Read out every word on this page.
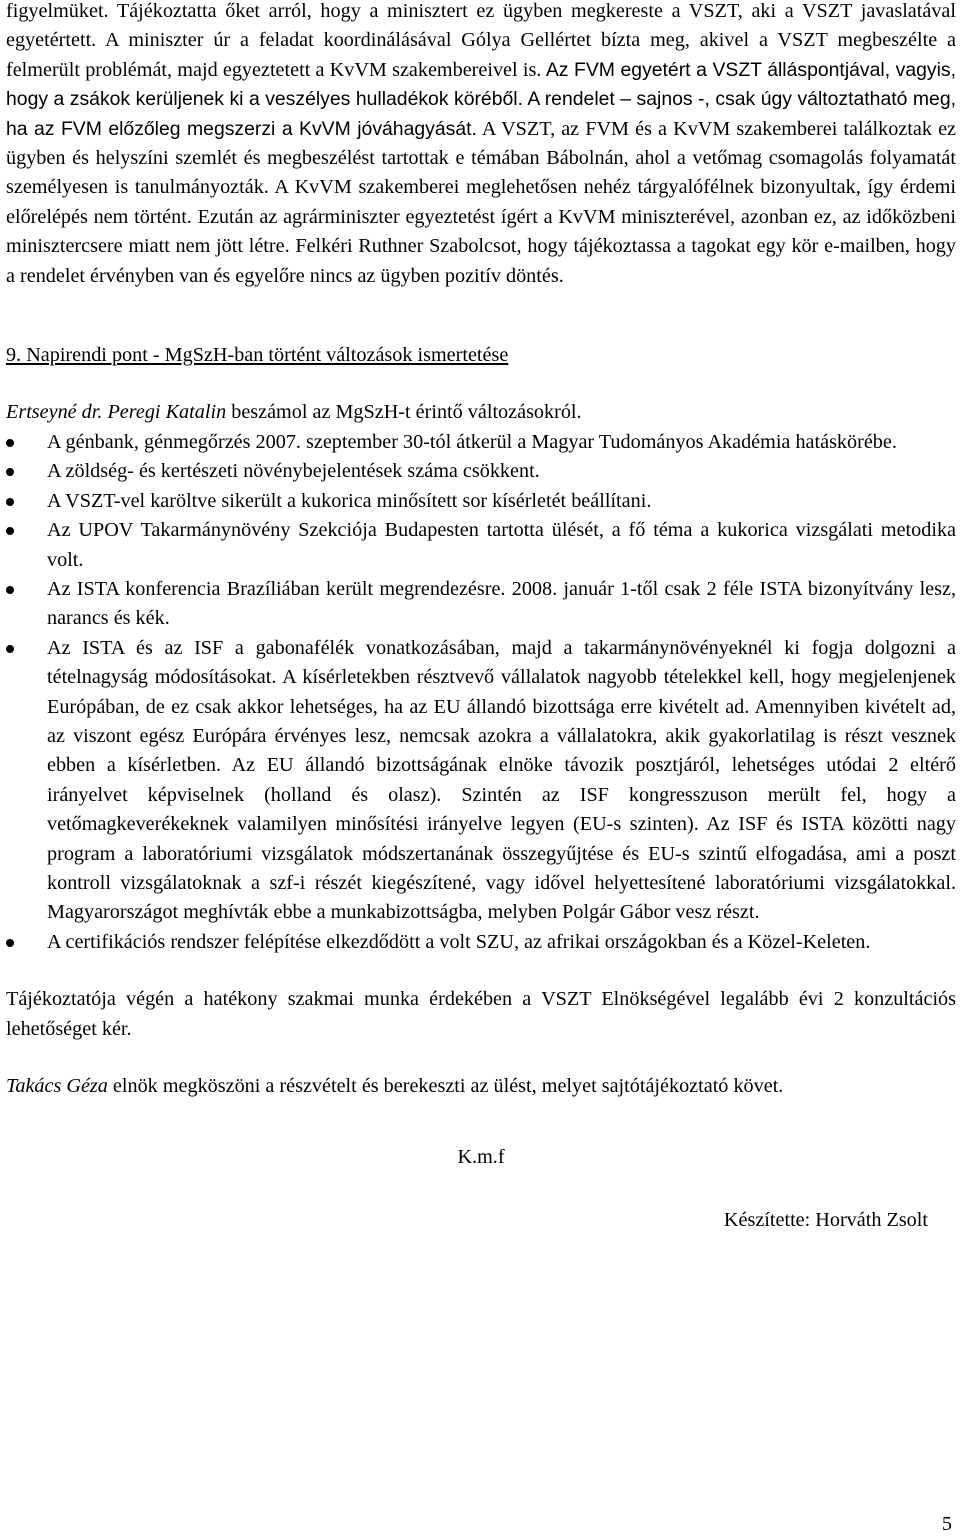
figyelmüket. Tájékoztatta őket arról, hogy a minisztert ez ügyben megkereste a VSZT, aki a VSZT javaslatával egyetértett. A miniszter úr a feladat koordinálásával Gólya Gellértet bízta meg, akivel a VSZT megbeszélte a felmerült problémát, majd egyeztetett a KvVM szakembereivel is. Az FVM egyetért a VSZT álláspontjával, vagyis, hogy a zsákok kerüljenek ki a veszélyes hulladékok köréből. A rendelet – sajnos -, csak úgy változtatható meg, ha az FVM előzőleg megszerzi a KvVM jóváhagyását. A VSZT, az FVM és a KvVM szakemberei találkoztak ez ügyben és helyszíni szemlét és megbeszélést tartottak e témában Bábolnán, ahol a vetőmag csomagolás folyamatát személyesen is tanulmányozták. A KvVM szakemberei meglehetősen nehéz tárgyalófélnek bizonyultak, így érdemi előrelépés nem történt. Ezután az agrárminiszter egyeztetést ígért a KvVM miniszterével, azonban ez, az időközbeni minisztercsere miatt nem jött létre. Felkéri Ruthner Szabolcsot, hogy tájékoztassa a tagokat egy kör e-mailben, hogy a rendelet érvényben van és egyelőre nincs az ügyben pozitív döntés.

9. Napirendi pont - MgSzH-ban történt változások ismertetése

Ertseyné dr. Peregi Katalin beszámol az MgSzH-t érintő változásokról.

A génbank, génmegőrzés 2007. szeptember 30-tól átkerül a Magyar Tudományos Akadémia hatáskörébe.
A zöldség- és kertészeti növénybejelentések száma csökkent.
A VSZT-vel karöltve sikerült a kukorica minősített sor kísérletét beállítani.
Az UPOV Takarmánynövény Szekciója Budapesten tartotta ülését, a fő téma a kukorica vizsgálati metodika volt.
Az ISTA konferencia Brazíliában került megrendezésre. 2008. január 1-től csak 2 féle ISTA bizonyítvány lesz, narancs és kék.
Az ISTA és az ISF a gabonafélék vonatkozásában, majd a takarmánynövényeknél ki fogja dolgozni a tételnagyság módosításokat. A kísérletekben résztvevő vállalatok nagyobb tételekkel kell, hogy megjelenjenek Európában, de ez csak akkor lehetséges, ha az EU állandó bizottsága erre kivételt ad. Amennyiben kivételt ad, az viszont egész Európára érvényes lesz, nemcsak azokra a vállalatokra, akik gyakorlatilag is részt vesznek ebben a kísérletben. Az EU állandó bizottságának elnöke távozik posztjáról, lehetséges utódai 2 eltérő irányelvet képviselnek (holland és olasz). Szintén az ISF kongresszuson merült fel, hogy a vetőmagkeverékeknek valamilyen minősítési irányelve legyen (EU-s szinten). Az ISF és ISTA közötti nagy program a laboratóriumi vizsgálatok módszertanának összegyűjtése és EU-s szintű elfogadása, ami a poszt kontroll vizsgálatoknak a szf-i részét kiegészítené, vagy idővel helyettesítené laboratóriumi vizsgálatokkal. Magyarországot meghívták ebbe a munkabizottságba, melyben Polgár Gábor vesz részt.
A certifikációs rendszer felépítése elkezdődött a volt SZU, az afrikai országokban és a Közel-Keleten.

Tájékoztatója végén a hatékony szakmai munka érdekében a VSZT Elnökségével legalább évi 2 konzultációs lehetőséget kér.

Takács Géza elnök megköszöni a részvételt és berekeszti az ülést, melyet sajtótájékoztató követ.

K.m.f

Készítette: Horváth Zsolt

5
